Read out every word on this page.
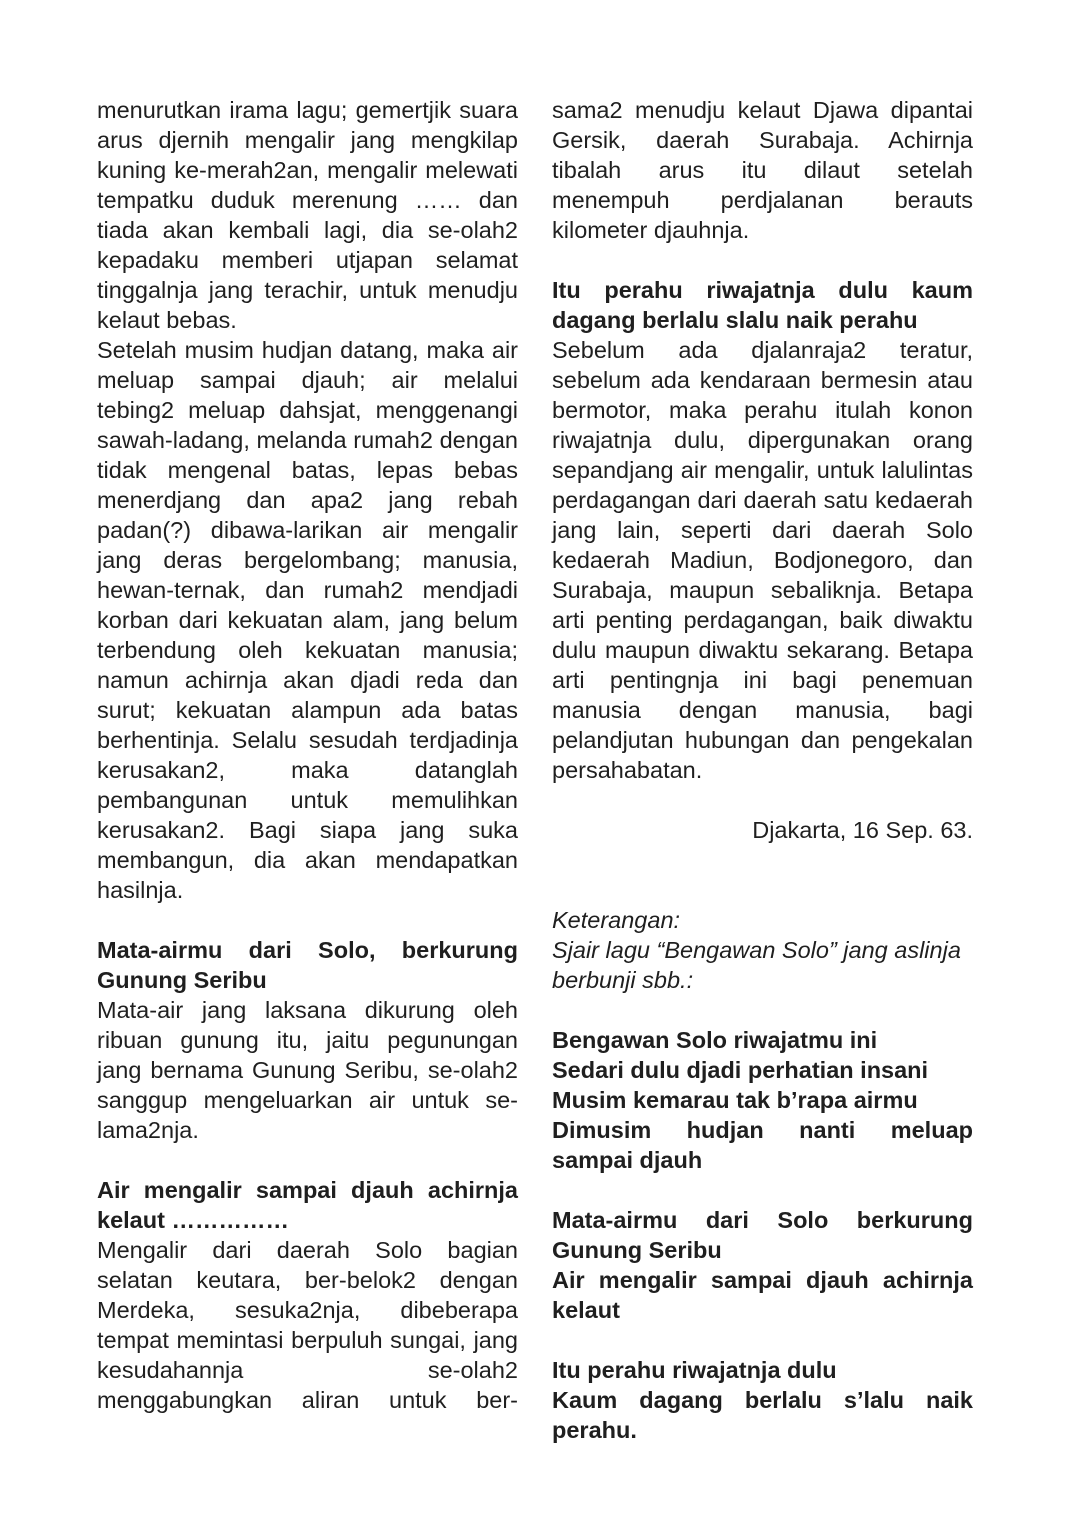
menurutkan irama lagu; gemertjik suara arus djernih mengalir jang mengkilap kuning ke-merah2an, mengalir melewati tempatku duduk merenung …… dan tiada akan kembali lagi, dia se-olah2 kepadaku memberi utjapan selamat tinggalnja jang terachir, untuk menudju kelaut bebas.

Setelah musim hudjan datang, maka air meluap sampai djauh; air melalui tebing2 meluap dahsjat, menggenangi sawah-ladang, melanda rumah2 dengan tidak mengenal batas, lepas bebas menerdjang dan apa2 jang rebah padan(?) dibawa-larikan air mengalir jang deras bergelombang; manusia, hewan-ternak, dan rumah2 mendjadi korban dari kekuatan alam, jang belum terbendung oleh kekuatan manusia; namun achirnja akan djadi reda dan surut; kekuatan alampun ada batas berhentinja. Selalu sesudah terdjadinja kerusakan2, maka datanglah pembangunan untuk memulihkan kerusakan2. Bagi siapa jang suka membangun, dia akan mendapatkan hasilnja.

Mata-airmu dari Solo, berkurung Gunung Seribu

Mata-air jang laksana dikurung oleh ribuan gunung itu, jaitu pegunungan jang bernama Gunung Seribu, se-olah2 sanggup mengeluarkan air untuk se-lama2nja.

Air mengalir sampai djauh achirnja kelaut ……………

Mengalir dari daerah Solo bagian selatan keutara, ber-belok2 dengan Merdeka, sesuka2nja, dibeberapa tempat memintasi berpuluh sungai, jang kesudahannja se-olah2 menggabungkan aliran untuk ber-

sama2 menudju kelaut Djawa dipantai Gersik, daerah Surabaja. Achirnja tibalah arus itu dilaut setelah menempuh perdjalanan berauts kilometer djauhnja.

Itu perahu riwajatnja dulu kaum dagang berlalu slalu naik perahu

Sebelum ada djalanraja2 teratur, sebelum ada kendaraan bermesin atau bermotor, maka perahu itulah konon riwajatnja dulu, dipergunakan orang sepandjang air mengalir, untuk lalulintas perdagangan dari daerah satu kedaerah jang lain, seperti dari daerah Solo kedaerah Madiun, Bodjonegoro, dan Surabaja, maupun sebaliknja. Betapa arti penting perdagangan, baik diwaktu dulu maupun diwaktu sekarang. Betapa arti pentingnja ini bagi penemuan manusia dengan manusia, bagi pelandjutan hubungan dan pengekalan persahabatan.

Djakarta, 16 Sep. 63.

Keterangan:

Sjair lagu “Bengawan Solo” jang aslinja berbunji sbb.:

Bengawan Solo riwajatmu ini

Sedari dulu djadi perhatian insani

Musim kemarau tak b’rapa airmu

Dimusim hudjan nanti meluap sampai djauh

Mata-airmu dari Solo berkurung Gunung Seribu

Air mengalir sampai djauh achirnja kelaut

Itu perahu riwajatnja dulu

Kaum dagang berlalu s’lalu naik perahu.
